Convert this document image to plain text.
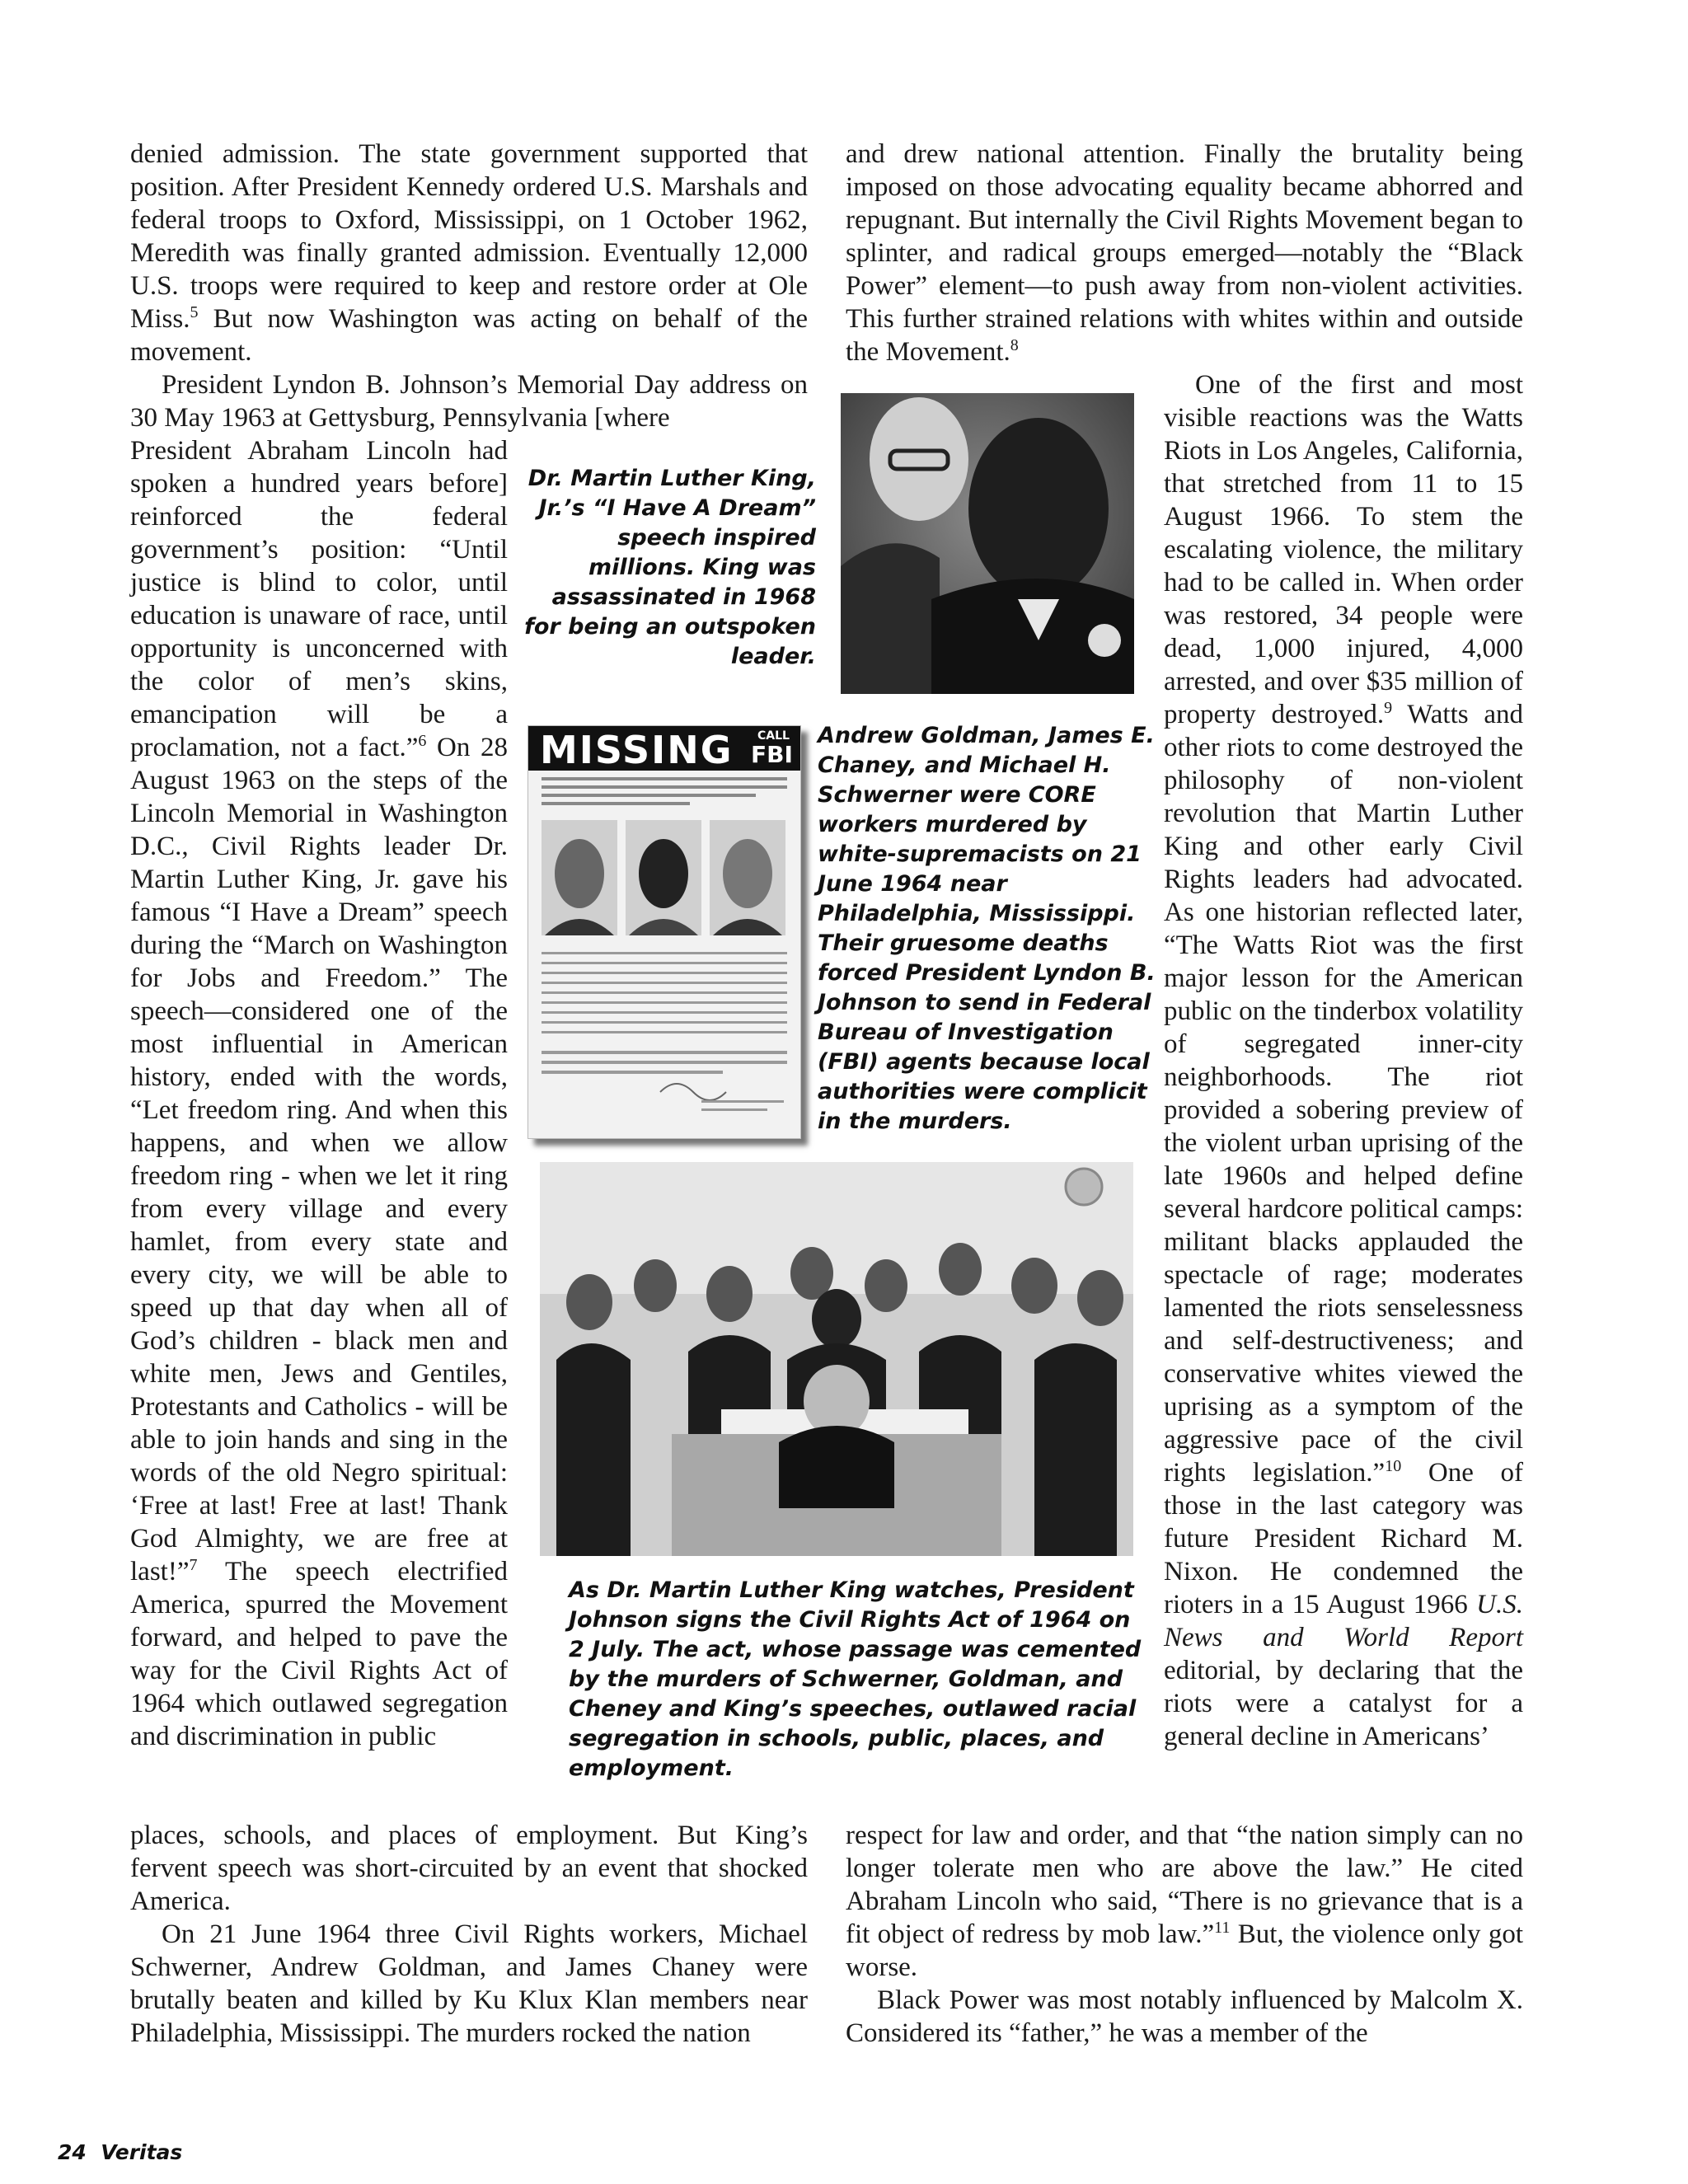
denied admission. The state government supported that position. After President Kennedy ordered U.S. Marshals and federal troops to Oxford, Mississippi, on 1 October 1962, Meredith was finally granted admission. Eventually 12,000 U.S. troops were required to keep and restore order at Ole Miss.$^5$ But now Washington was acting on behalf of the movement.

President Lyndon B. Johnson’s Memorial Day address on 30 May 1963 at Gettysburg, Pennsylvania [where

President Abraham Lincoln had spoken a hundred years before] reinforced the federal government’s position: “Until justice is blind to color, until education is unaware of race, until opportunity is unconcerned with the color of men’s skins, emancipation will be a proclamation, not a fact.”$^6$ On 28 August 1963 on the steps of the Lincoln Memorial in Washington D.C., Civil Rights leader Dr. Martin Luther King, Jr. gave his famous “I Have a Dream” speech during the “March on Washington for Jobs and Freedom.” The speech—considered one of the most influential in American history, ended with the words, “Let freedom ring. And when this happens, and when we allow freedom ring - when we let it ring from every village and every hamlet, from every state and every city, we will be able to speed up that day when all of God’s children - black men and white men, Jews and Gentiles, Protestants and Catholics - will be able to join hands and sing in the words of the old Negro spiritual: ‘Free at last! Free at last! Thank God Almighty, we are free at last!”$^7$ The speech electrified America, spurred the Movement forward, and helped to pave the way for the Civil Rights Act of 1964 which outlawed segregation and discrimination in public

places, schools, and places of employment. But King’s fervent speech was short-circuited by an event that shocked America.

On 21 June 1964 three Civil Rights workers, Michael Schwerner, Andrew Goldman, and James Chaney were brutally beaten and killed by Ku Klux Klan members near Philadelphia, Mississippi. The murders rocked the nation

and drew national attention. Finally the brutality being imposed on those advocating equality became abhorred and repugnant. But internally the Civil Rights Movement began to splinter, and radical groups emerged—notably the “Black Power” element—to push away from non-violent activities. This further strained relations with whites within and outside the Movement.$^8$

One of the first and most visible reactions was the Watts Riots in Los Angeles, California, that stretched from 11 to 15 August 1966. To stem the escalating violence, the military had to be called in. When order was restored, 34 people were dead, 1,000 injured, 4,000 arrested, and over $35 million of property destroyed.$^9$ Watts and other riots to come destroyed the philosophy of non-violent revolution that Martin Luther King and other early Civil Rights leaders had advocated. As one historian reflected later, “The Watts Riot was the first major lesson for the American public on the tinderbox volatility of segregated inner-city neighborhoods. The riot provided a sobering preview of the violent urban uprising of the late 1960s and helped define several hardcore political camps: militant blacks applauded the spectacle of rage; moderates lamented the riots senselessness and self-destructiveness; and conservative whites viewed the uprising as a symptom of the aggressive pace of the civil rights legislation.”$^{10}$ One of those in the last category was future President Richard M. Nixon. He condemned the rioters in a 15 August 1966 U.S. News and World Report editorial, by declaring that the riots were a catalyst for a general decline in Americans’

respect for law and order, and that “the nation simply can no longer tolerate men who are above the law.” He cited Abraham Lincoln who said, “There is no grievance that is a fit object of redress by mob law.”$^{11}$ But, the violence only got worse.

Black Power was most notably influenced by Malcolm X. Considered its “father,” he was a member of the

Dr. Martin Luther King, Jr.’s “I Have A Dream” speech inspired millions. King was assassinated in 1968 for being an outspoken leader.
MISSING CALL
FBI
Andrew Goldman, James E. Chaney, and Michael H. Schwerner were CORE workers murdered by white-supremacists on 21 June 1964 near Philadelphia, Mississippi. Their gruesome deaths forced President Lyndon B. Johnson to send in Federal Bureau of Investigation (FBI) agents because local authorities were complicit in the murders.
As Dr. Martin Luther King watches, President Johnson signs the Civil Rights Act of 1964 on 2 July. The act, whose passage was cemented by the murders of Schwerner, Goldman, and Cheney and King’s speeches, outlawed racial segregation in schools, public, places, and employment.
24 Veritas
